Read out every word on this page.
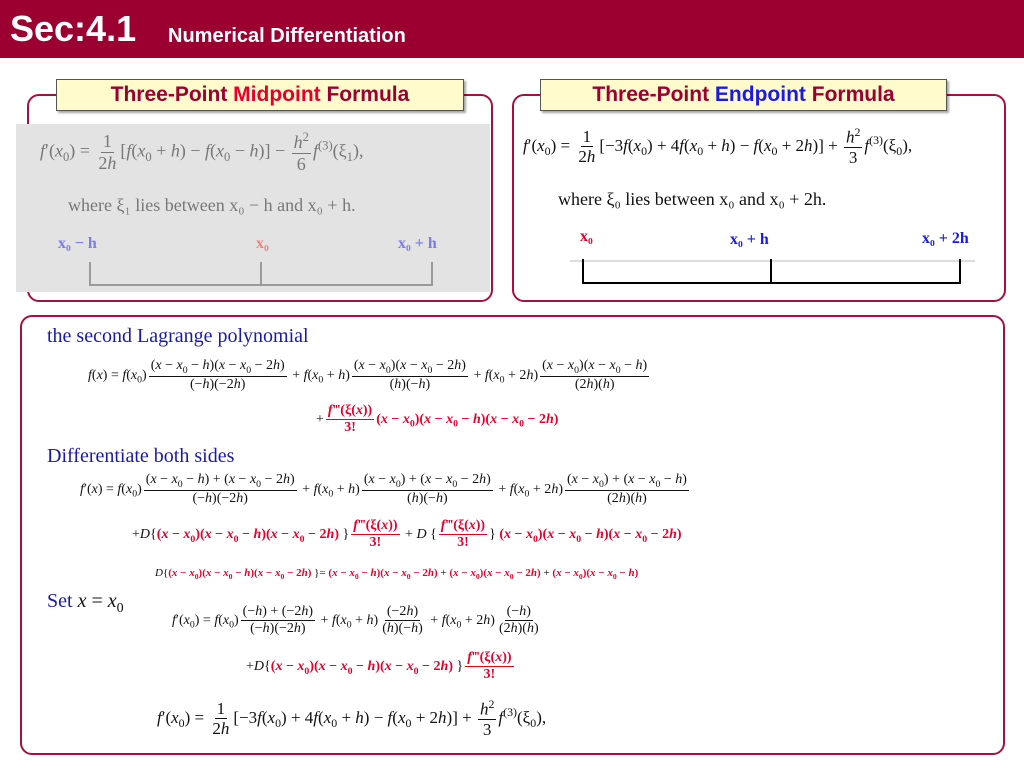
Sec:4.1 Numerical Differentiation
Three-Point Midpoint Formula
$f'(x_0) = \frac{1}{2h} [f(x_0 + h) - f(x_0 - h)] - \frac{h^2}{6} f^{(3)}(\xi_1)$,
where ξ₁ lies between x₀ − h and x₀ + h.
x₀ − h	x₀	x₀ + h
Three-Point Endpoint Formula
$f'(x_0) = \frac{1}{2h} [-3f(x_0) + 4f(x_0 + h) - f(x_0 + 2h)] + \frac{h^2}{3} f^{(3)}(\xi_0)$,
where ξ₀ lies between x₀ and x₀ + 2h.
x₀	x₀ + h	x₀ + 2h
the second Lagrange polynomial
$f(x) = f(x_0) \frac{(x - x_0 - h)(x - x_0 - 2h)}{(-h)(-2h)} + f(x_0 + h) \frac{(x - x_0)(x - x_0 - 2h)}{(h)(-h)} + f(x_0 + 2h) \frac{(x - x_0)(x - x_0 - h)}{(2h)(h)}$
+ $\frac{f‴(\xi(x))}{3!} (x - x_0)(x - x_0 - h)(x - x_0 - 2h)$
Differentiate both sides
$f'(x) = f(x_0) \frac{(x - x_0 - h) + (x - x_0 - 2h)}{(-h)(-2h)} + f(x_0 + h) \frac{(x - x_0) + (x - x_0 - 2h)}{(h)(-h)} + f(x_0 + 2h) \frac{(x - x_0) + (x - x_0 - h)}{(2h)(h)}$
$+D\{(x - x_0)(x - x_0 - h)(x - x_0 - 2h)$ } $\frac{f‴(\xi(x))}{3!} + D$ { $\frac{f‴(\xi(x))}{3!}$ } $(x - x_0)(x - x_0 - h)(x - x_0 - 2h)$
$D\{(x - x_0)(x - x_0 - h)(x - x_0 - 2h)$ }= $(x - x_0 - h)(x - x_0 - 2h) + (x - x_0)(x - x_0 - 2h) + (x - x_0)(x - x_0 - h)$
Set $x = x_0$
$f'(x_0) = f(x_0) \frac{(-h) + (-2h)}{(-h)(-2h)} + f(x_0 + h) \frac{(-2h)}{(h)(-h)} + f(x_0 + 2h) \frac{(-h)}{(2h)(h)}$
$+D\{(x - x_0)(x - x_0 - h)(x - x_0 - 2h)$ } $\frac{f‴(\xi(x))}{3!}$
$f'(x_0) = \frac{1}{2h} [-3f(x_0) + 4f(x_0 + h) - f(x_0 + 2h)] + \frac{h^2}{3} f^{(3)}(\xi_0)$,
